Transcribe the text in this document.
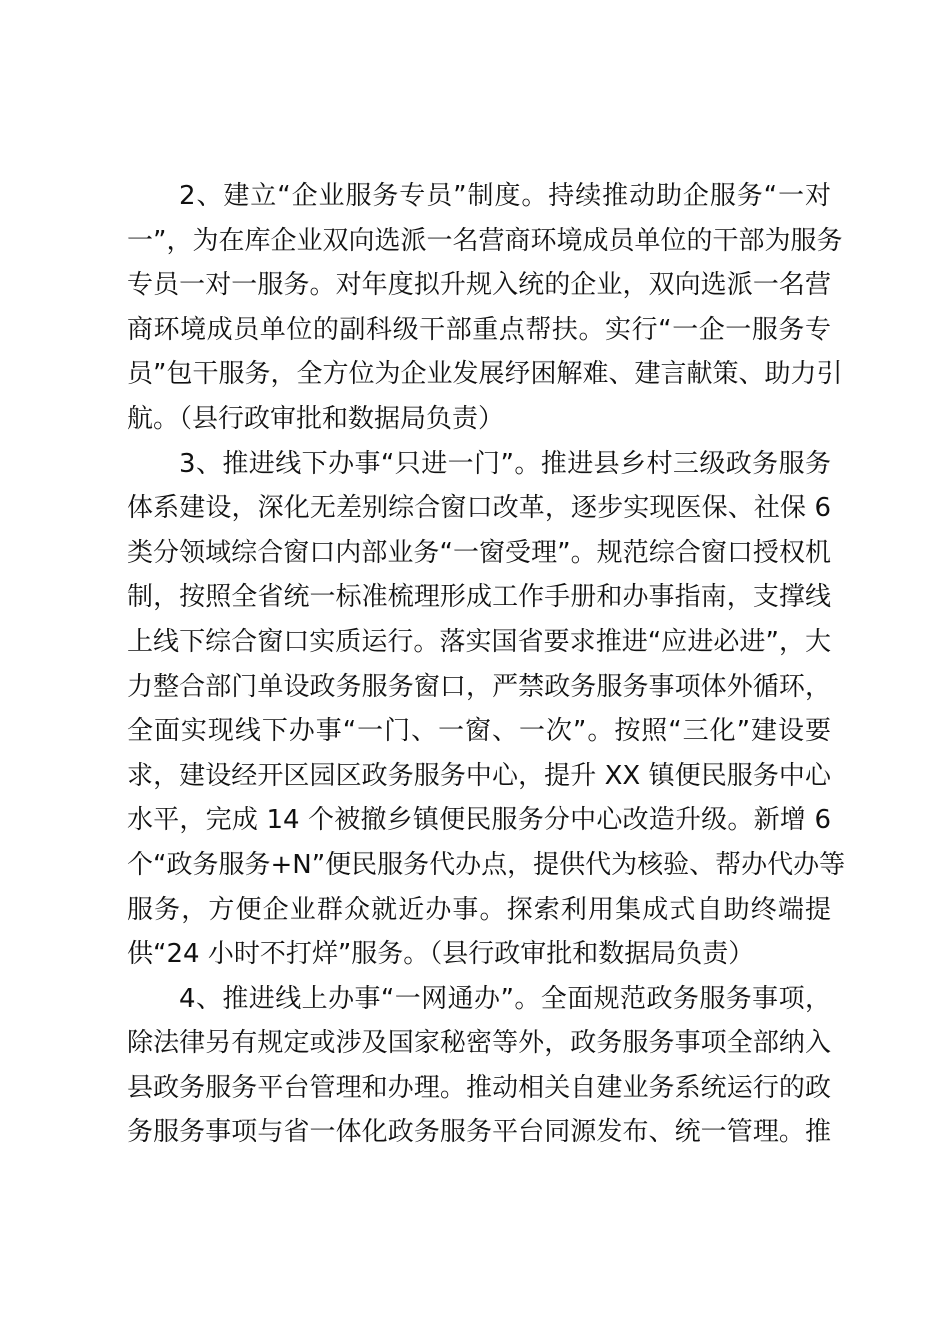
2、建立“企业服务专员”制度。持续推动助企服务“一对
一”，为在库企业双向选派一名营商环境成员单位的干部为服务
专员一对一服务。对年度拟升规入统的企业，双向选派一名营
商环境成员单位的副科级干部重点帮扶。实行“一企一服务专
员”包干服务，全方位为企业发展纾困解难、建言献策、助力引
航。（县行政审批和数据局负责）
3、推进线下办事“只进一门”。推进县乡村三级政务服务
体系建设，深化无差别综合窗口改革，逐步实现医保、社保 6
类分领域综合窗口内部业务“一窗受理”。规范综合窗口授权机
制，按照全省统一标准梳理形成工作手册和办事指南，支撑线
上线下综合窗口实质运行。落实国省要求推进“应进必进”，大
力整合部门单设政务服务窗口，严禁政务服务事项体外循环，
全面实现线下办事“一门、一窗、一次”。按照“三化”建设要
求，建设经开区园区政务服务中心，提升 XX 镇便民服务中心
水平，完成 14 个被撤乡镇便民服务分中心改造升级。新增 6
个“政务服务+N”便民服务代办点，提供代为核验、帮办代办等
服务，方便企业群众就近办事。探索利用集成式自助终端提
供“24 小时不打烊”服务。（县行政审批和数据局负责）
4、推进线上办事“一网通办”。全面规范政务服务事项，
除法律另有规定或涉及国家秘密等外，政务服务事项全部纳入
县政务服务平台管理和办理。推动相关自建业务系统运行的政
务服务事项与省一体化政务服务平台同源发布、统一管理。推
